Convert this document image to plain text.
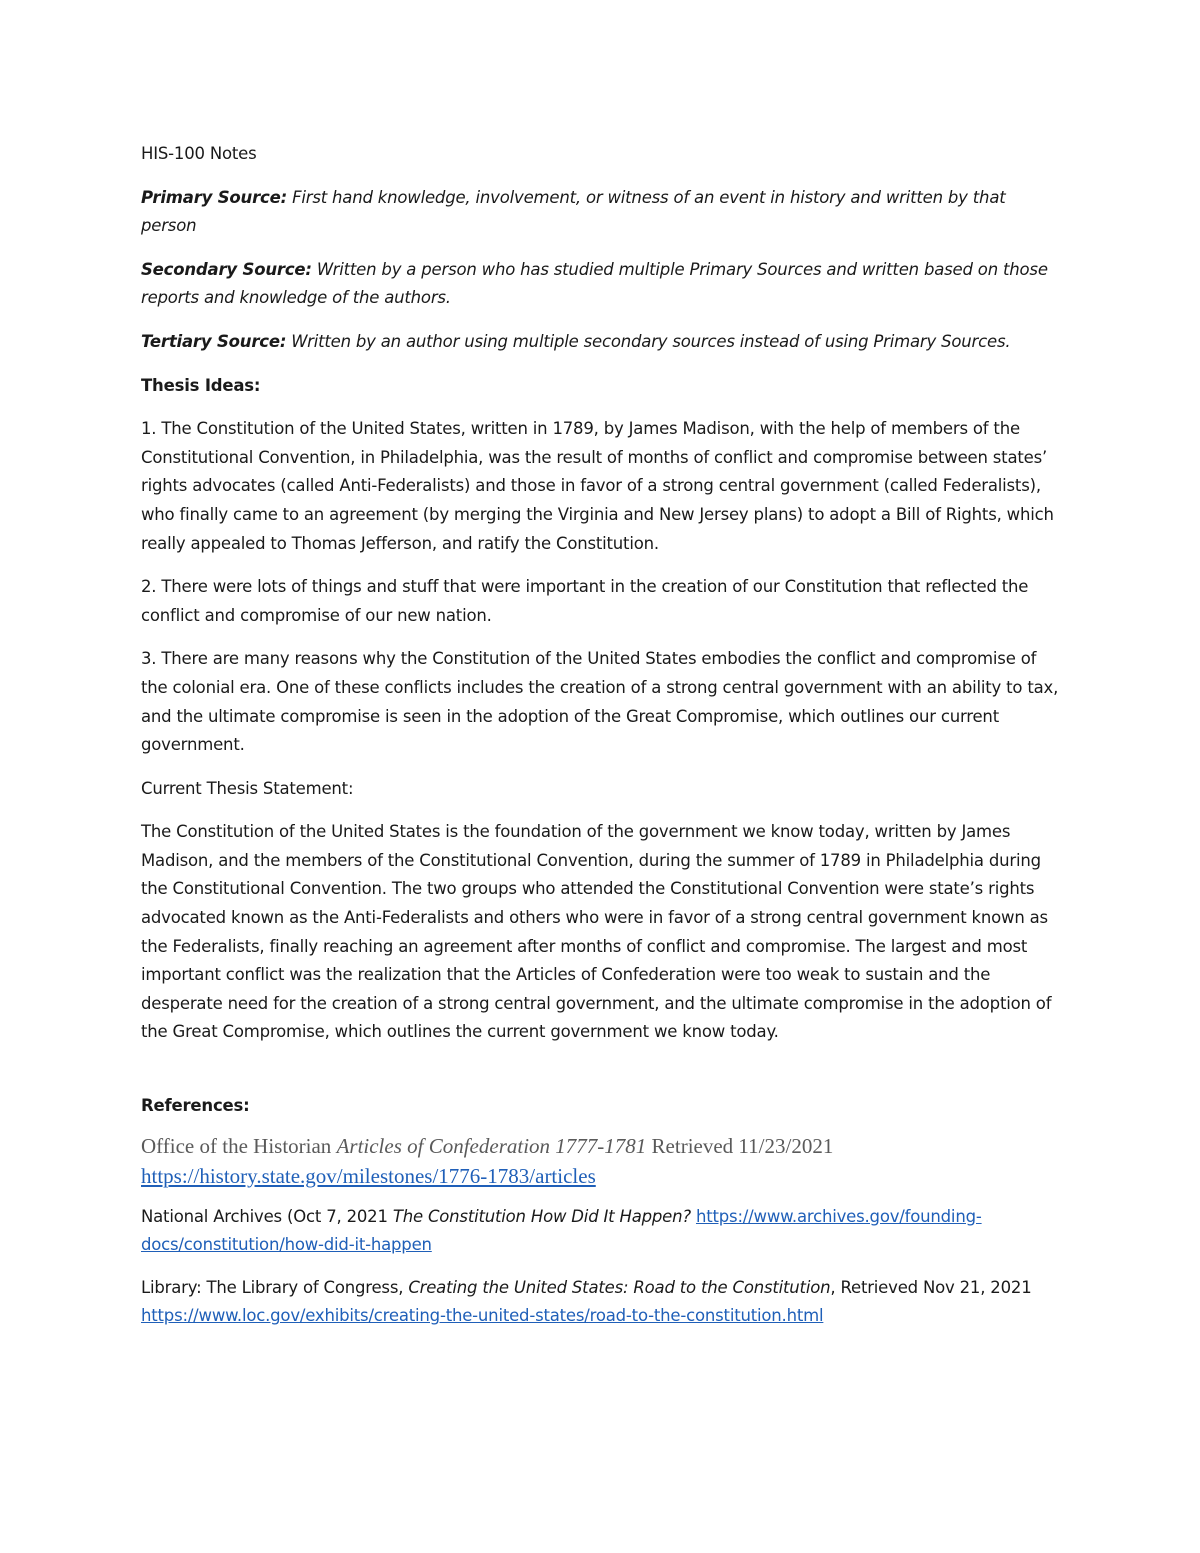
HIS-100 Notes

Primary Source: First hand knowledge, involvement, or witness of an event in history and written by that person

Secondary Source: Written by a person who has studied multiple Primary Sources and written based on those reports and knowledge of the authors.

Tertiary Source: Written by an author using multiple secondary sources instead of using Primary Sources.

Thesis Ideas:

1. The Constitution of the United States, written in 1789, by James Madison, with the help of members of the Constitutional Convention, in Philadelphia, was the result of months of conflict and compromise between states’ rights advocates (called Anti-Federalists) and those in favor of a strong central government (called Federalists), who finally came to an agreement (by merging the Virginia and New Jersey plans) to adopt a Bill of Rights, which really appealed to Thomas Jefferson, and ratify the Constitution.

2. There were lots of things and stuff that were important in the creation of our Constitution that reflected the conflict and compromise of our new nation.

3. There are many reasons why the Constitution of the United States embodies the conflict and compromise of the colonial era. One of these conflicts includes the creation of a strong central government with an ability to tax, and the ultimate compromise is seen in the adoption of the Great Compromise, which outlines our current government.

Current Thesis Statement:

The Constitution of the United States is the foundation of the government we know today, written by James Madison, and the members of the Constitutional Convention, during the summer of 1789 in Philadelphia during the Constitutional Convention. The two groups who attended the Constitutional Convention were state’s rights advocated known as the Anti-Federalists and others who were in favor of a strong central government known as the Federalists, finally reaching an agreement after months of conflict and compromise. The largest and most important conflict was the realization that the Articles of Confederation were too weak to sustain and the desperate need for the creation of a strong central government, and the ultimate compromise in the adoption of the Great Compromise, which outlines the current government we know today.

References:

Office of the Historian Articles of Confederation 1777-1781 Retrieved 11/23/2021 https://history.state.gov/milestones/1776-1783/articles

National Archives (Oct 7, 2021 The Constitution How Did It Happen? https://www.archives.gov/founding-docs/constitution/how-did-it-happen

Library: The Library of Congress, Creating the United States: Road to the Constitution, Retrieved Nov 21, 2021 https://www.loc.gov/exhibits/creating-the-united-states/road-to-the-constitution.html
